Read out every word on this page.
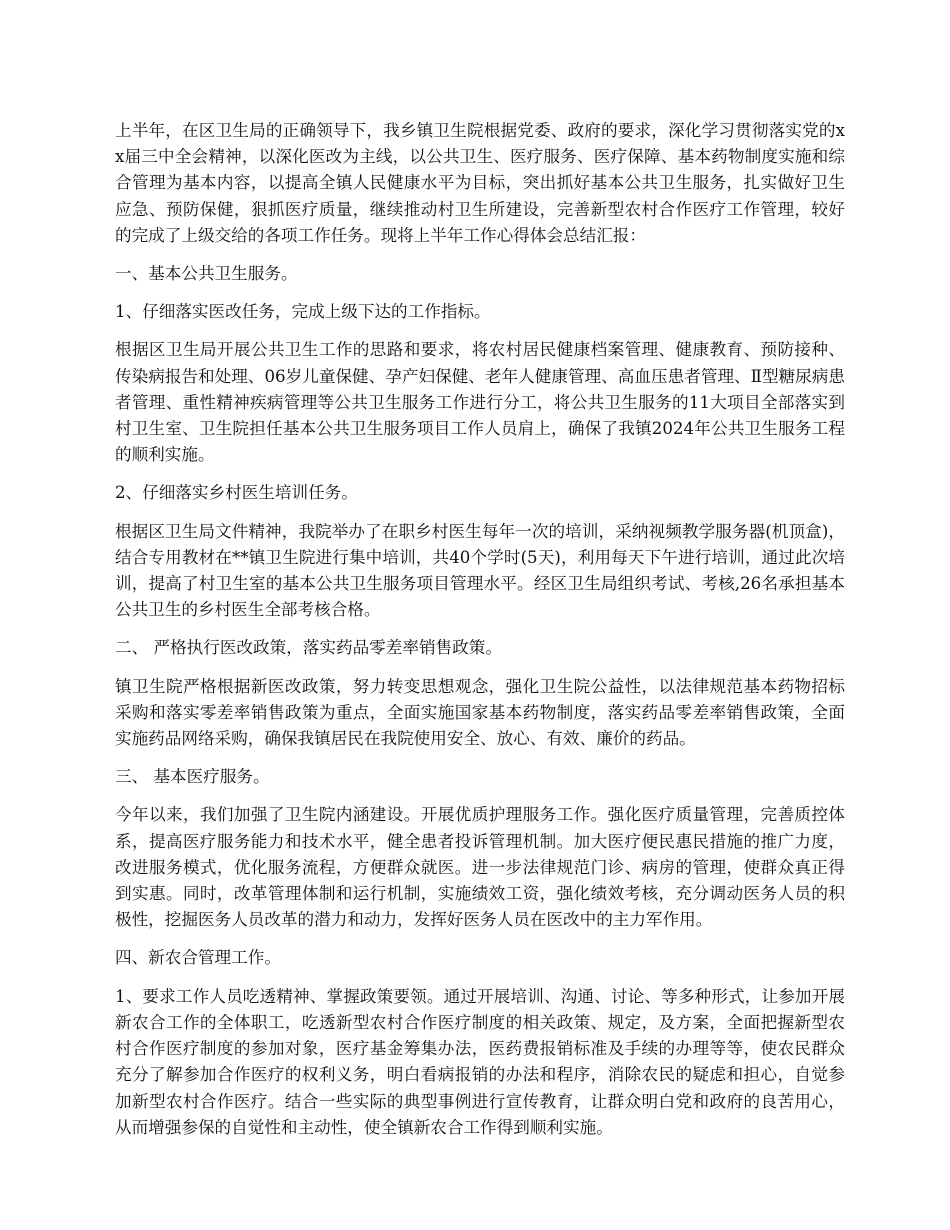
上半年，在区卫生局的正确领导下，我乡镇卫生院根据党委、政府的要求，深化学习贯彻落实党的xx届三中全会精神，以深化医改为主线，以公共卫生、医疗服务、医疗保障、基本药物制度实施和综合管理为基本内容，以提高全镇人民健康水平为目标，突出抓好基本公共卫生服务，扎实做好卫生应急、预防保健，狠抓医疗质量，继续推动村卫生所建设，完善新型农村合作医疗工作管理，较好的完成了上级交给的各项工作任务。现将上半年工作心得体会总结汇报：

一、基本公共卫生服务。

1、仔细落实医改任务，完成上级下达的工作指标。

根据区卫生局开展公共卫生工作的思路和要求，将农村居民健康档案管理、健康教育、预防接种、传染病报告和处理、06岁儿童保健、孕产妇保健、老年人健康管理、高血压患者管理、Ⅱ型糖尿病患者管理、重性精神疾病管理等公共卫生服务工作进行分工，将公共卫生服务的11大项目全部落实到村卫生室、卫生院担任基本公共卫生服务项目工作人员肩上，确保了我镇2024年公共卫生服务工程的顺利实施。

2、仔细落实乡村医生培训任务。

根据区卫生局文件精神，我院举办了在职乡村医生每年一次的培训，采纳视频教学服务器(机顶盒)，结合专用教材在**镇卫生院进行集中培训，共40个学时(5天)，利用每天下午进行培训，通过此次培训，提高了村卫生室的基本公共卫生服务项目管理水平。经区卫生局组织考试、考核,26名承担基本公共卫生的乡村医生全部考核合格。

二、 严格执行医改政策，落实药品零差率销售政策。

镇卫生院严格根据新医改政策，努力转变思想观念，强化卫生院公益性，以法律规范基本药物招标采购和落实零差率销售政策为重点，全面实施国家基本药物制度，落实药品零差率销售政策，全面实施药品网络采购，确保我镇居民在我院使用安全、放心、有效、廉价的药品。

三、 基本医疗服务。

今年以来，我们加强了卫生院内涵建设。开展优质护理服务工作。强化医疗质量管理，完善质控体系，提高医疗服务能力和技术水平，健全患者投诉管理机制。加大医疗便民惠民措施的推广力度，改进服务模式，优化服务流程，方便群众就医。进一步法律规范门诊、病房的管理，使群众真正得到实惠。同时，改革管理体制和运行机制，实施绩效工资，强化绩效考核，充分调动医务人员的积极性，挖掘医务人员改革的潜力和动力，发挥好医务人员在医改中的主力军作用。

四、新农合管理工作。

1、要求工作人员吃透精神、掌握政策要领。通过开展培训、沟通、讨论、等多种形式，让参加开展新农合工作的全体职工，吃透新型农村合作医疗制度的相关政策、规定，及方案，全面把握新型农村合作医疗制度的参加对象，医疗基金筹集办法，医药费报销标准及手续的办理等等，使农民群众充分了解参加合作医疗的权利义务，明白看病报销的办法和程序，消除农民的疑虑和担心，自觉参加新型农村合作医疗。结合一些实际的典型事例进行宣传教育，让群众明白党和政府的良苦用心，从而增强参保的自觉性和主动性，使全镇新农合工作得到顺利实施。
